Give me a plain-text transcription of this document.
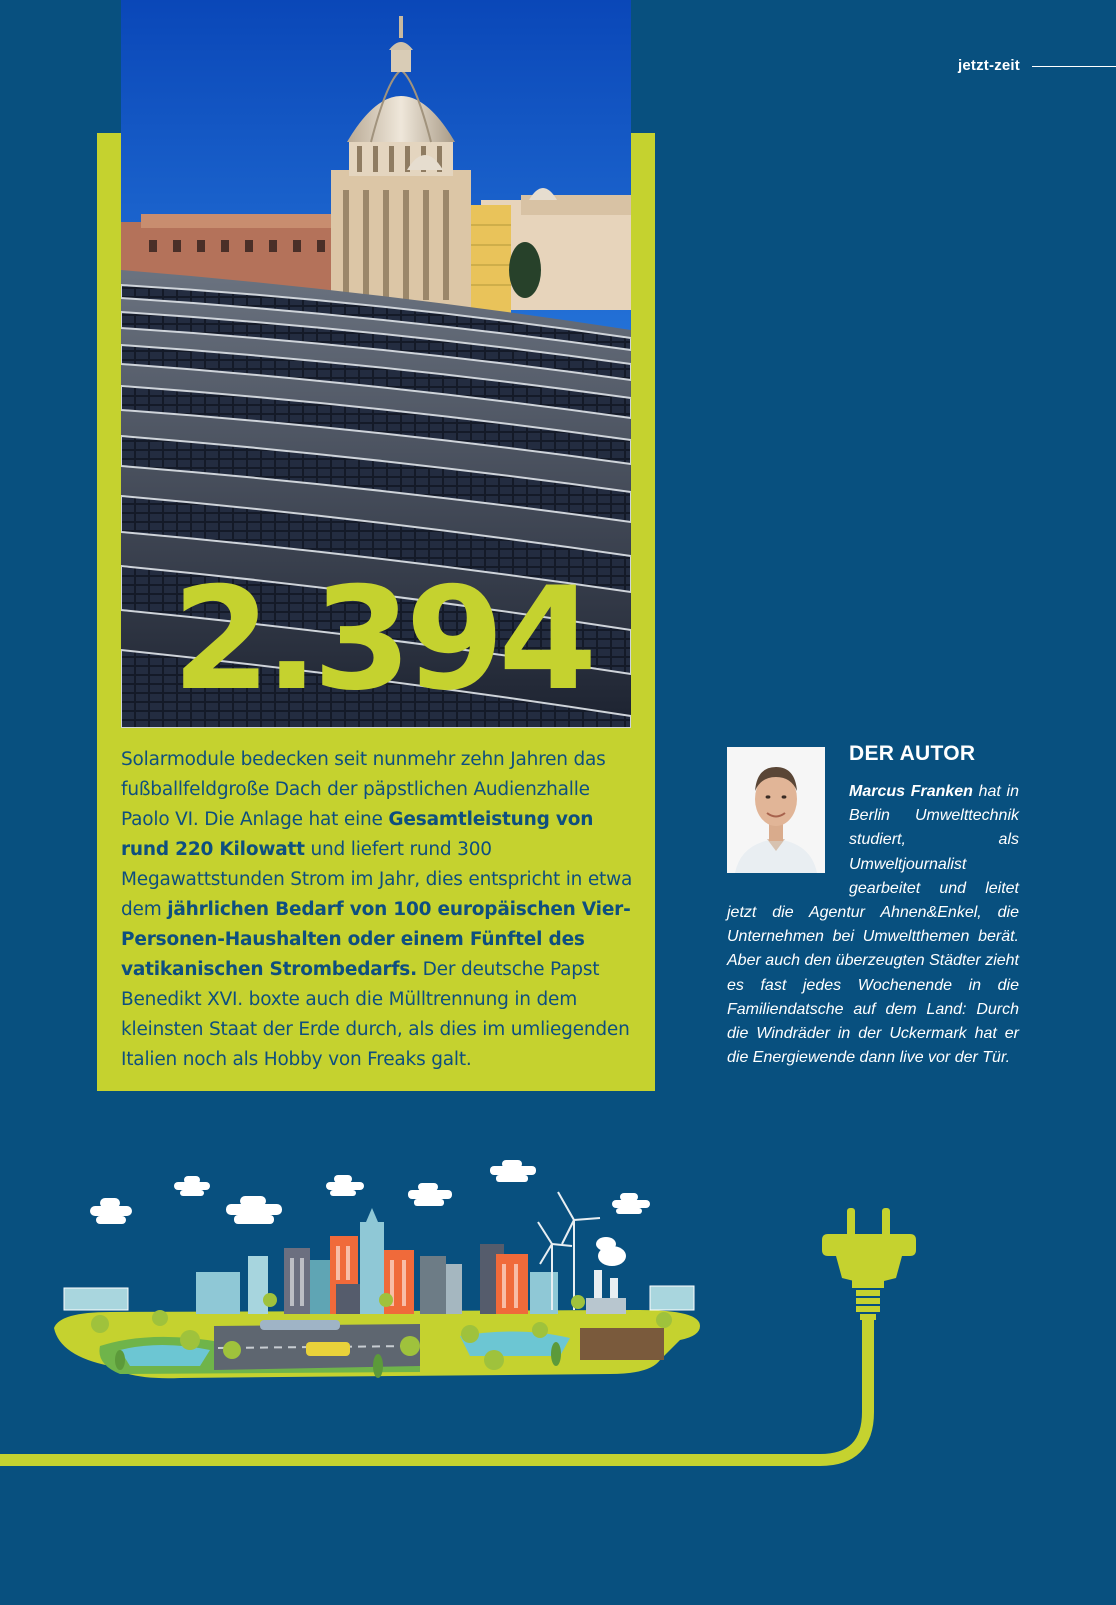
jetzt-zeit
2.394
Solarmodule bedecken seit nunmehr zehn Jahren das fußballfeldgroße Dach der päpstlichen Audienzhalle Paolo VI. Die Anlage hat eine Gesamtleistung von rund 220 Kilowatt und liefert rund 300 Megawattstunden Strom im Jahr, dies entspricht in etwa dem jährlichen Bedarf von 100 europäischen Vier-Personen-Haushalten oder einem Fünftel des vatikanischen Strombedarfs. Der deutsche Papst Benedikt XVI. boxte auch die Mülltrennung in dem kleinsten Staat der Erde durch, als dies im umliegenden Italien noch als Hobby von Freaks galt.
DER AUTOR
Marcus Franken hat in Berlin Umwelttechnik studiert, als Umweltjournalist gearbeitet und leitet jetzt die Agentur Ahnen&Enkel, die Unternehmen bei Umweltthemen berät. Aber auch den überzeugten Städter zieht es fast jedes Wochenende in die Familiendatsche auf dem Land: Durch die Windräder in der Uckermark hat er die Energiewende dann live vor der Tür.
